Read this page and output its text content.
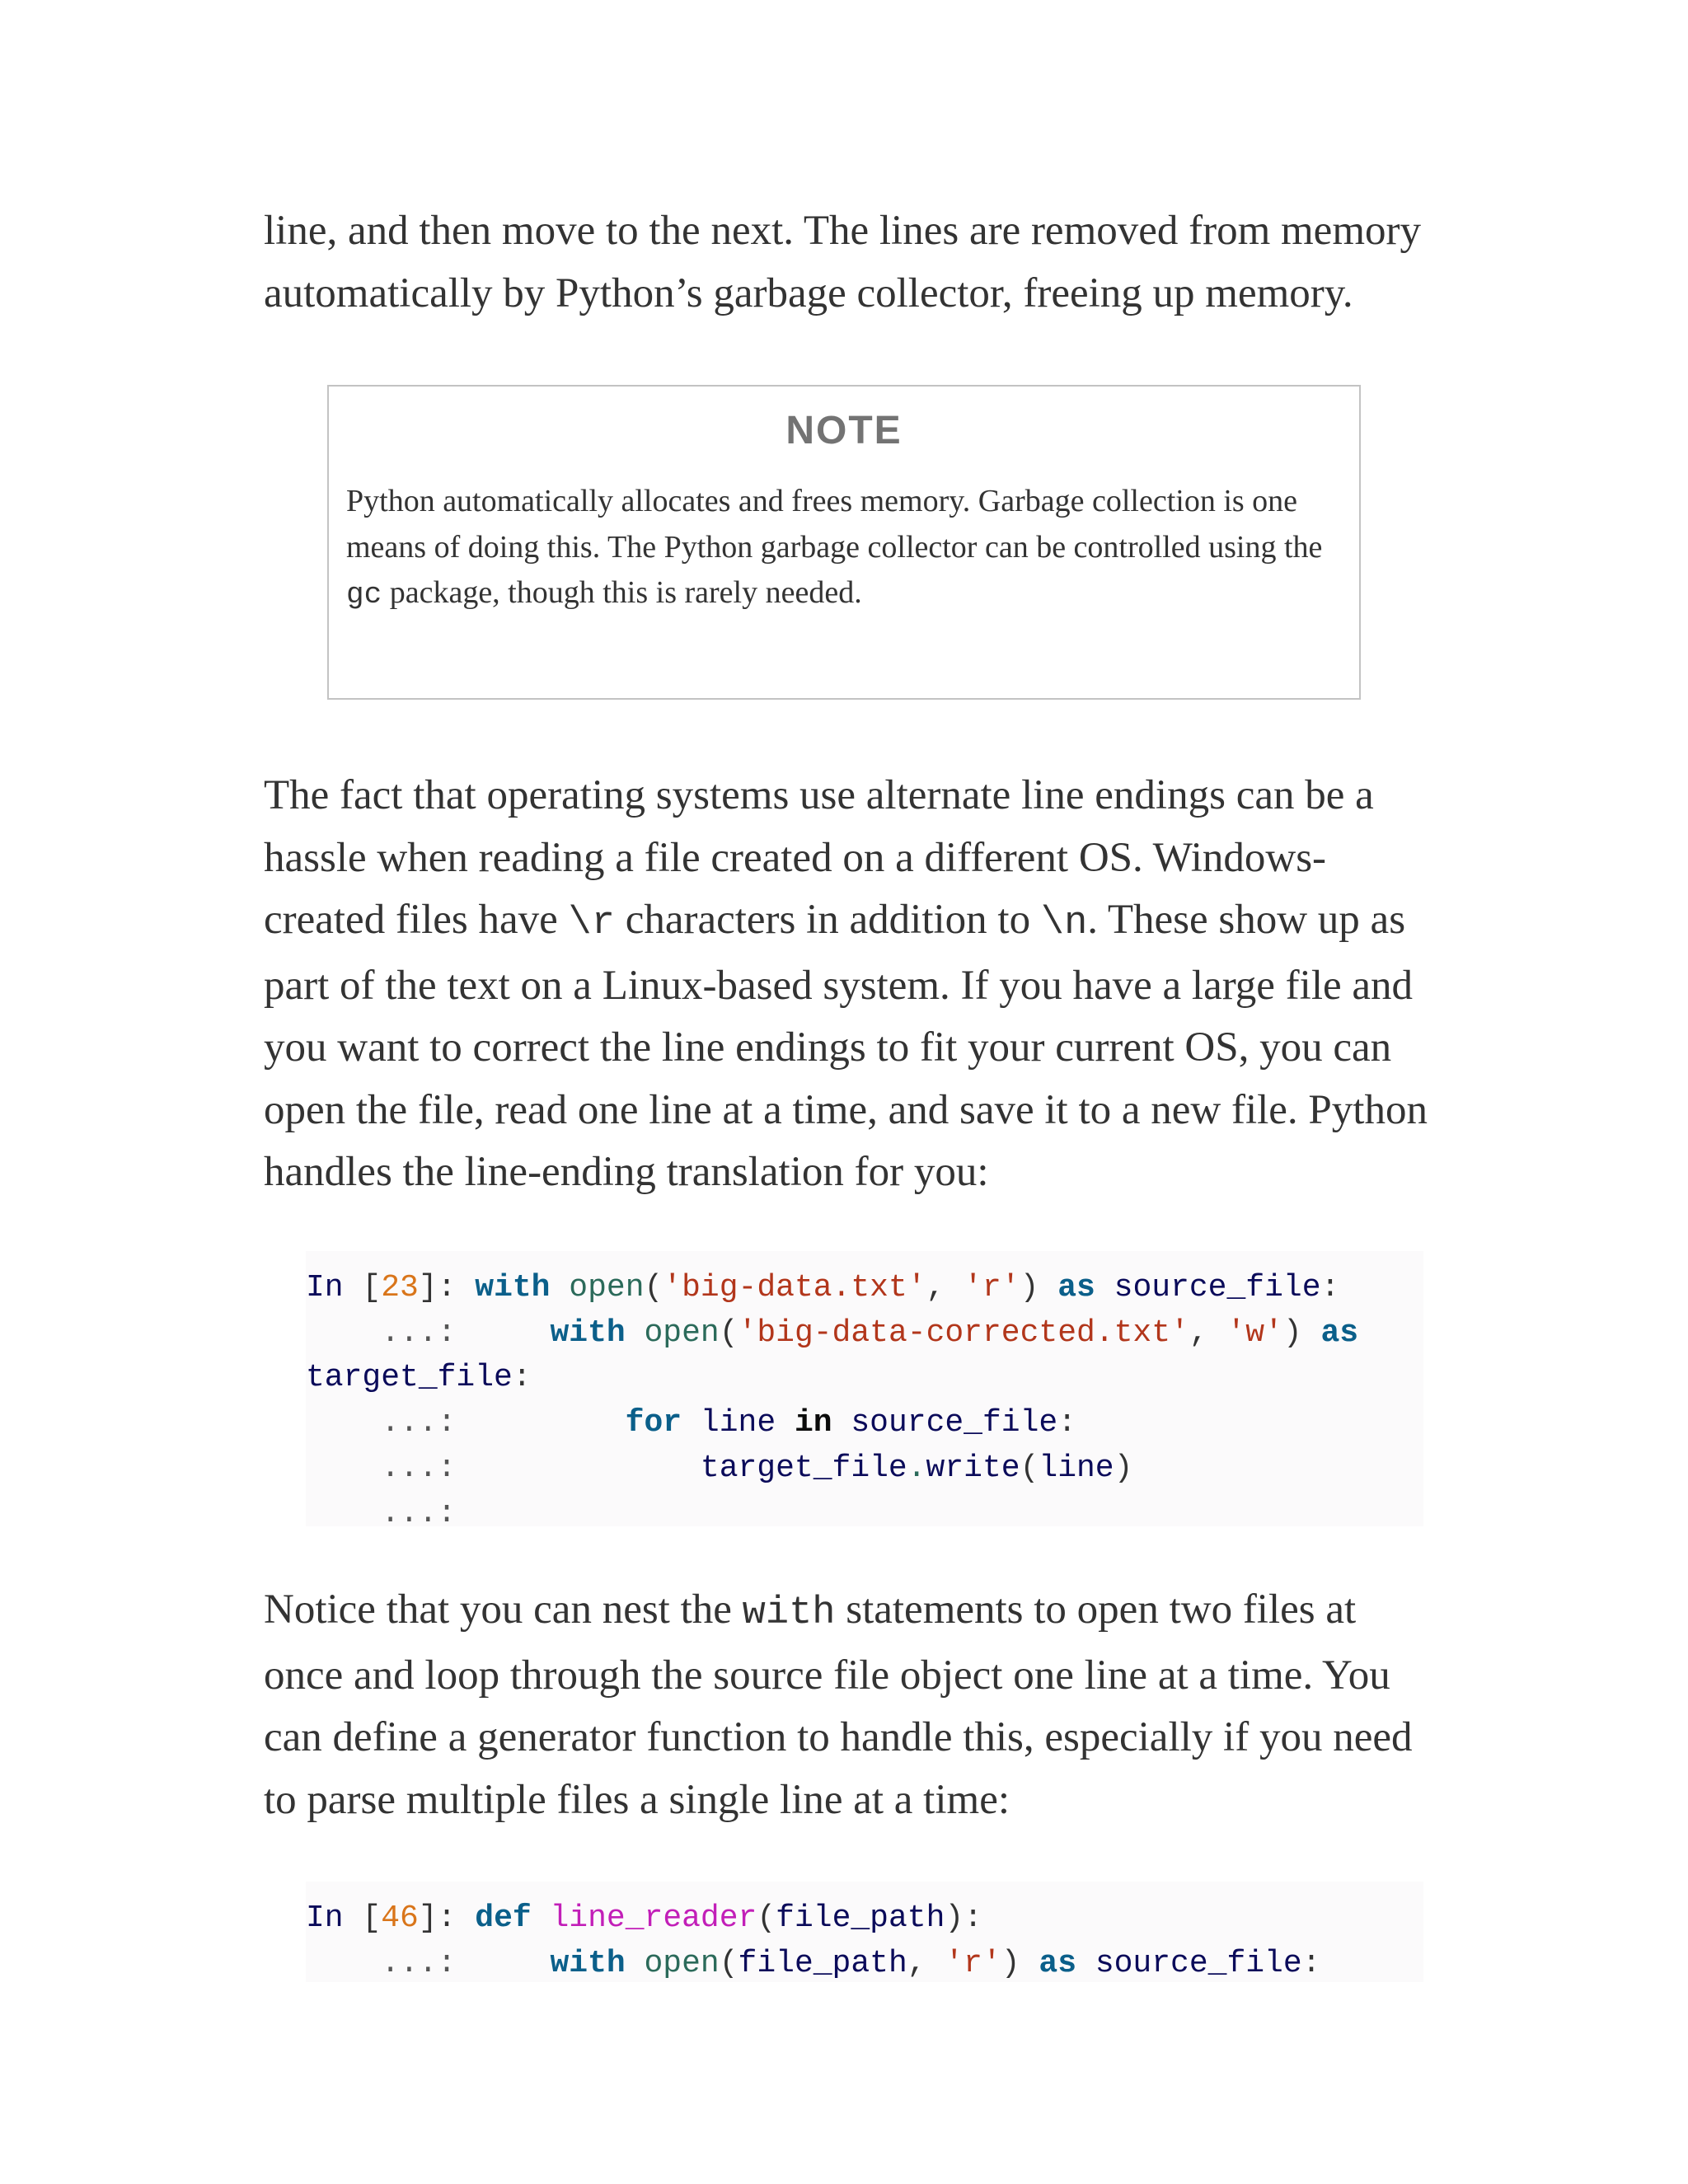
line, and then move to the next. The lines are removed from memory
automatically by Python’s garbage collector, freeing up memory.

NOTE

Python automatically allocates and frees memory. Garbage collection is one
means of doing this. The Python garbage collector can be controlled using the
gc package, though this is rarely needed.

The fact that operating systems use alternate line endings can be a
hassle when reading a file created on a different OS. Windows-
created files have \r characters in addition to \n. These show up as
part of the text on a Linux-based system. If you have a large file and
you want to correct the line endings to fit your current OS, you can
open the file, read one line at a time, and save it to a new file. Python
handles the line-ending translation for you:

In [23]: with open('big-data.txt', 'r') as source_file:
...:	with open('big-data-corrected.txt', 'w') as
target_file:
...:	for line in source_file:
...:	target_file.write(line)
...:

Notice that you can nest the with statements to open two files at
once and loop through the source file object one line at a time. You
can define a generator function to handle this, especially if you need
to parse multiple files a single line at a time:

In [46]: def line_reader(file_path):
...:	with open(file_path, 'r') as source_file:
